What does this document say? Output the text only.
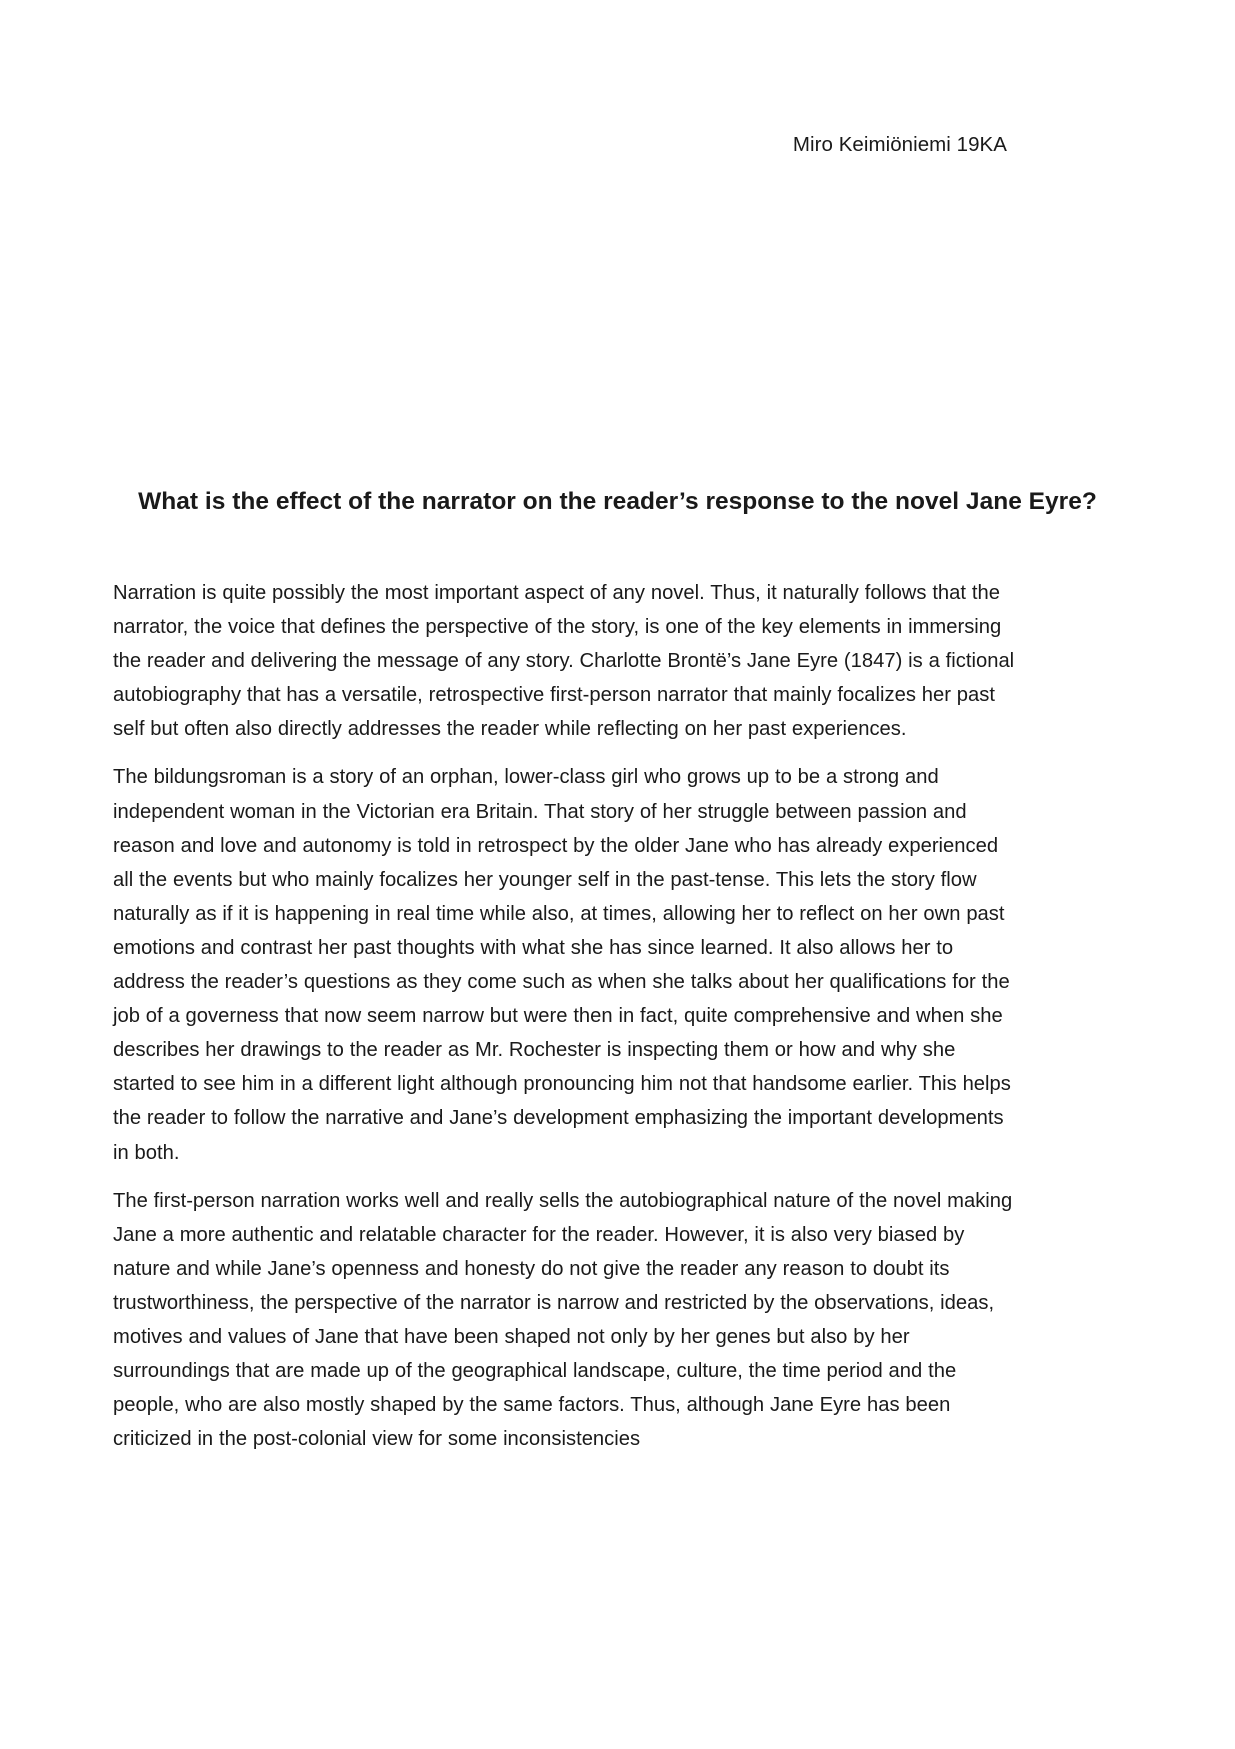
Miro Keimiöniemi 19KA
What is the effect of the narrator on the reader’s response to the novel Jane Eyre?

Narration is quite possibly the most important aspect of any novel. Thus, it naturally follows that the narrator, the voice that defines the perspective of the story, is one of the key elements in immersing the reader and delivering the message of any story. Charlotte Brontë’s Jane Eyre (1847) is a fictional autobiography that has a versatile, retrospective first-person narrator that mainly focalizes her past self but often also directly addresses the reader while reflecting on her past experiences.

The bildungsroman is a story of an orphan, lower-class girl who grows up to be a strong and independent woman in the Victorian era Britain. That story of her struggle between passion and reason and love and autonomy is told in retrospect by the older Jane who has already experienced all the events but who mainly focalizes her younger self in the past-tense. This lets the story flow naturally as if it is happening in real time while also, at times, allowing her to reflect on her own past emotions and contrast her past thoughts with what she has since learned. It also allows her to address the reader’s questions as they come such as when she talks about her qualifications for the job of a governess that now seem narrow but were then in fact, quite comprehensive and when she describes her drawings to the reader as Mr. Rochester is inspecting them or how and why she started to see him in a different light although pronouncing him not that handsome earlier. This helps the reader to follow the narrative and Jane’s development emphasizing the important developments in both.

The first-person narration works well and really sells the autobiographical nature of the novel making Jane a more authentic and relatable character for the reader. However, it is also very biased by nature and while Jane’s openness and honesty do not give the reader any reason to doubt its trustworthiness, the perspective of the narrator is narrow and restricted by the observations, ideas, motives and values of Jane that have been shaped not only by her genes but also by her surroundings that are made up of the geographical landscape, culture, the time period and the people, who are also mostly shaped by the same factors. Thus, although Jane Eyre has been criticized in the post-colonial view for some inconsistencies
